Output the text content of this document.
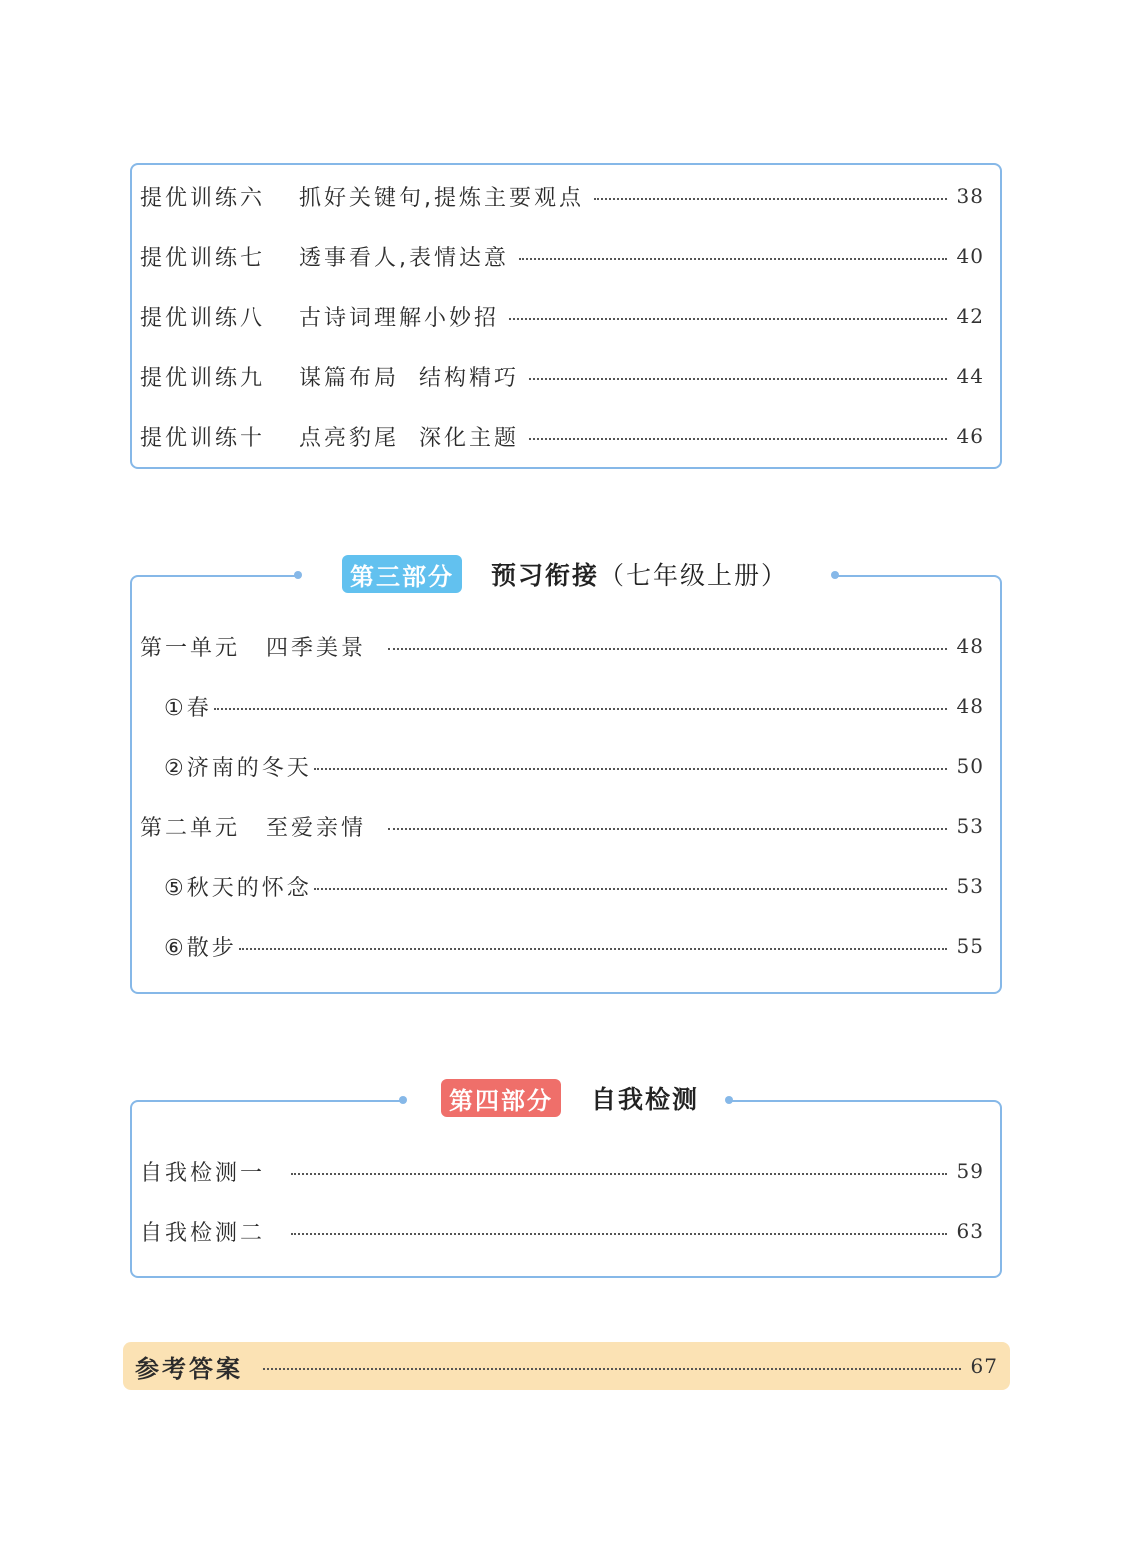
提优训练六 抓好关键句,提炼主要观点	38
提优训练七 透事看人,表情达意	40
提优训练八 古诗词理解小妙招	42
提优训练九 谋篇布局  结构精巧	44
提优训练十 点亮豹尾  深化主题	46
第三部分 预习衔接 （七年级上册）
第一单元 四季美景	48
①春	48
②济南的冬天	50
第二单元 至爱亲情	53
⑤秋天的怀念	53
⑥散步	55
第四部分 自我检测
自我检测一	59
自我检测二	63
参考答案	67
